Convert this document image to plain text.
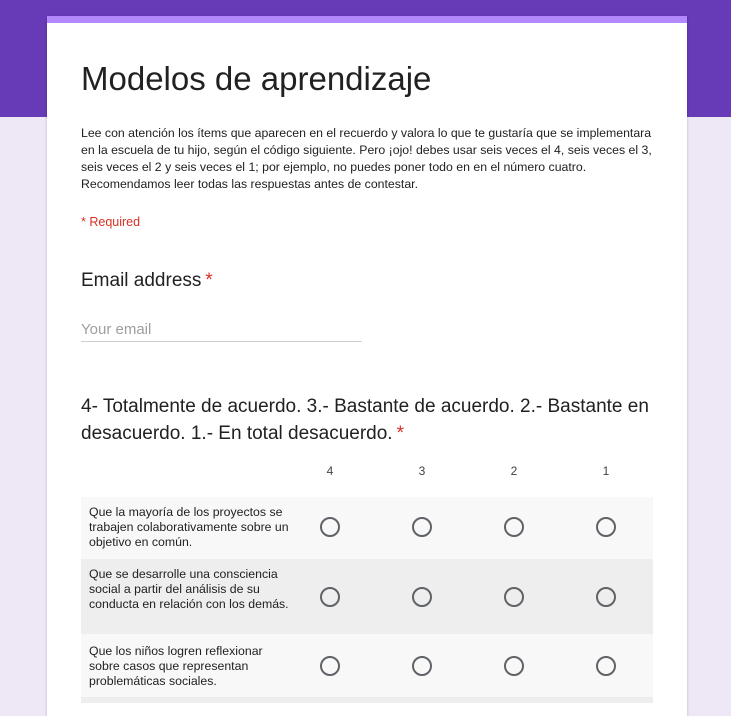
Modelos de aprendizaje

Lee con atención los ítems que aparecen en el recuerdo y valora lo que te gustaría que se implementara en la escuela de tu hijo, según el código siguiente. Pero ¡ojo! debes usar seis veces el 4, seis veces el 3, seis veces el 2 y seis veces el 1; por ejemplo, no puedes poner todo en en el número cuatro. Recomendamos leer todas las respuestas antes de contestar.

* Required
Email address *
Your email
4- Totalmente de acuerdo. 3.- Bastante de acuerdo. 2.- Bastante en desacuerdo. 1.- En total desacuerdo. *
4	3	2	1
Que la mayoría de los proyectos se trabajen colaborativamente sobre un objetivo en común.
Que se desarrolle una consciencia social a partir del análisis de su conducta en relación con los demás.
Que los niños logren reflexionar sobre casos que representan problemáticas sociales.
